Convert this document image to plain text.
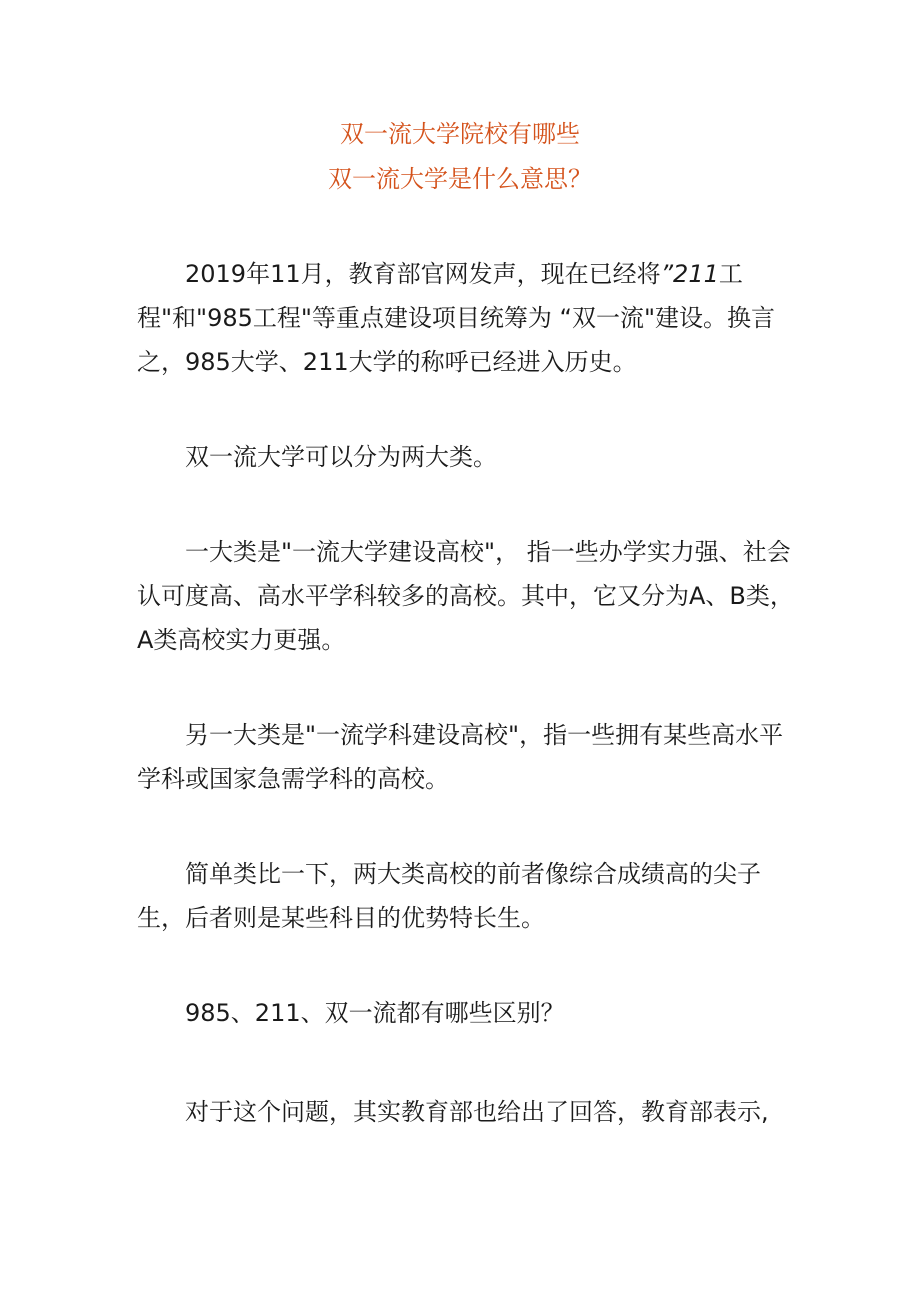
双一流大学院校有哪些
双一流大学是什么意思？

2019年11月，教育部官网发声，现在已经将”211工程"和"985工程"等重点建设项目统筹为 “双一流"建设。换言之，985大学、211大学的称呼已经进入历史。

双一流大学可以分为两大类。

一大类是"一流大学建设高校"， 指一些办学实力强、社会认可度高、高水平学科较多的高校。其中，它又分为A、B类，A类高校实力更强。

另一大类是"一流学科建设高校"，指一些拥有某些高水平学科或国家急需学科的高校。

简单类比一下，两大类高校的前者像综合成绩高的尖子生，后者则是某些科目的优势特长生。

985、211、双一流都有哪些区别？

对于这个问题，其实教育部也给出了回答，教育部表示,
